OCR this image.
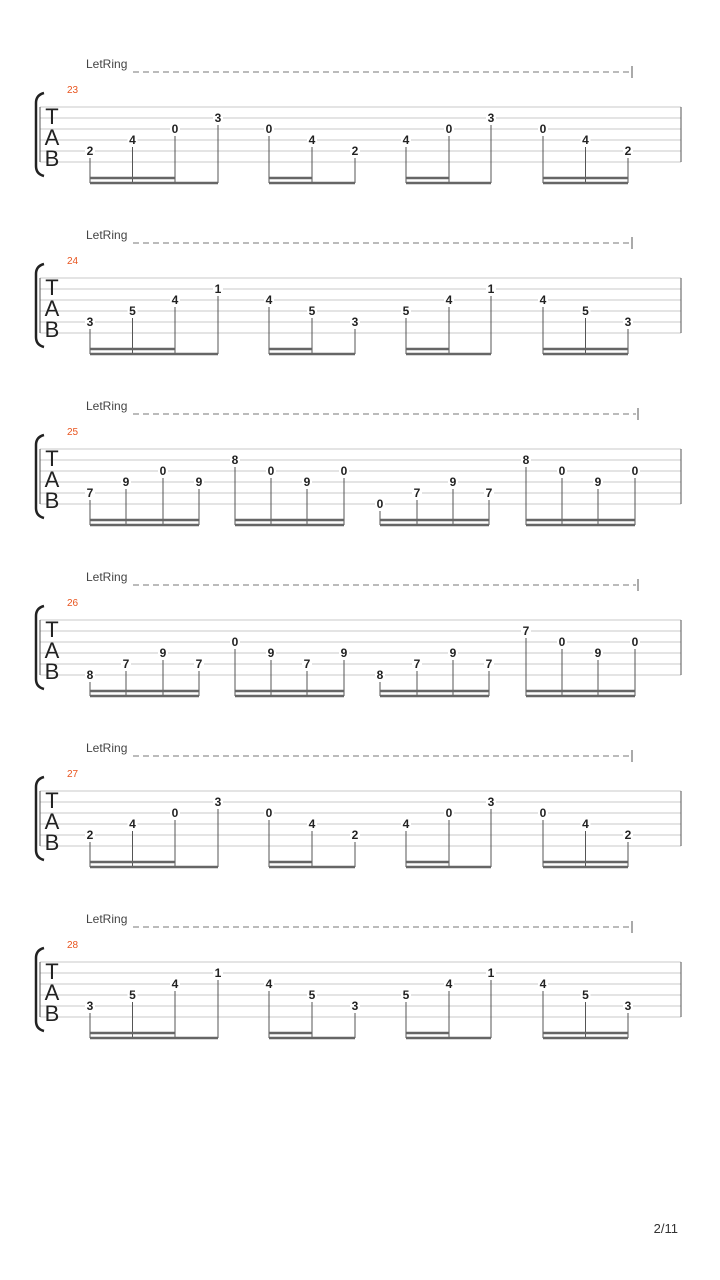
LetRing
23
T
A
B 2
4
0
3
0
4
2
4
0
3
0
4
2
LetRing
24
T
A
B 3
5
4
1
4
5
3
5
4
1
4
5
3
LetRing
25
T
A
B 7
9
0
9
8
0
9
0
0
7
9
7
8
0
9
0
LetRing
26
T
A
B 8
7
9
7
0
9
7
9
8
7
9
7
7
0
9
0
LetRing
27
T
A
B 2
4
0
3
0
4
2
4
0
3
0
4
2
LetRing
28
T
A
B 3
5
4
1
4
5
3
5
4
1
4
5
3
2/11
